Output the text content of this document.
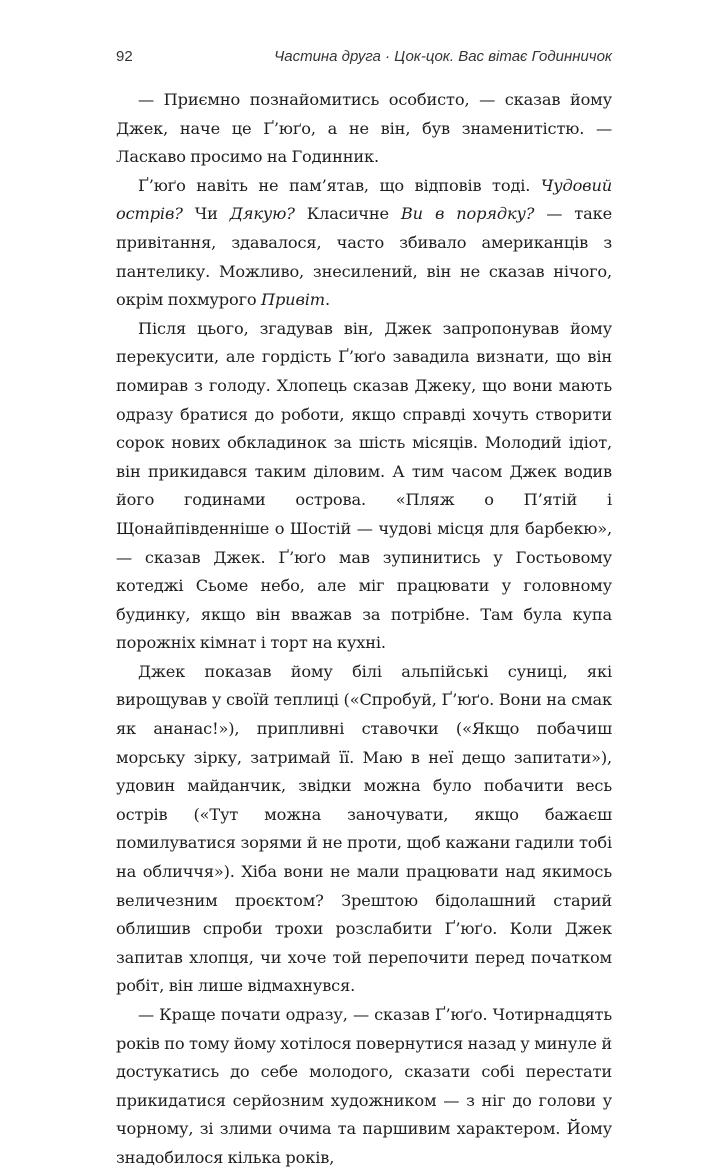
92	Частина друга · Цок-цок. Вас вітає Годинничок

— Приємно познайомитись особисто, — сказав йому Джек, наче це Ґ’юґо, а не він, був знаменитістю. — Ласкаво просимо на Годинник.

Ґ’юґо навіть не пам’ятав, що відповів тоді. Чудовий острів? Чи Дякую? Класичне Ви в порядку? — таке привітання, здавалося, часто збивало американців з пантелику. Можливо, знесилений, він не сказав нічого, окрім похмурого Привіт.

Після цього, згадував він, Джек запропонував йому перекусити, але гордість Ґ’юґо завадила визнати, що він помирав з голоду. Хлопець сказав Джеку, що вони мають одразу братися до роботи, якщо справді хочуть створити сорок нових обкладинок за шість місяців. Молодий ідіот, він прикидався таким діловим. А тим часом Джек водив його годинами острова. «Пляж о П’ятій і Щонайпівденніше о Шостій — чудові місця для барбекю», — сказав Джек. Ґ’юґо мав зупинитись у Гостьовому котеджі Сьоме небо, але міг працювати у головному будинку, якщо він вважав за потрібне. Там була купа порожніх кімнат і торт на кухні.

Джек показав йому білі альпійські суниці, які вирощував у своїй теплиці («Спробуй, Ґ’юґо. Вони на смак як ананас!»), припливні ставочки («Якщо побачиш морську зірку, затримай її. Маю в неї дещо запитати»), удовин майданчик, звідки можна було побачити весь острів («Тут можна заночувати, якщо бажаєш помилуватися зорями й не проти, щоб кажани гадили тобі на обличчя»). Хіба вони не мали працювати над якимось величезним проєктом? Зрештою бідолашний старий облишив спроби трохи розслабити Ґ’юґо. Коли Джек запитав хлопця, чи хоче той перепочити перед початком робіт, він лише відмахнувся.

— Краще почати одразу, — сказав Ґ’юґо. Чотирнадцять років по тому йому хотілося повернутися назад у минуле й достукатись до себе молодого, сказати собі перестати прикидатися серйозним художником — з ніг до голови у чорному, зі злими очима та паршивим характером. Йому знадобилося кілька років,
